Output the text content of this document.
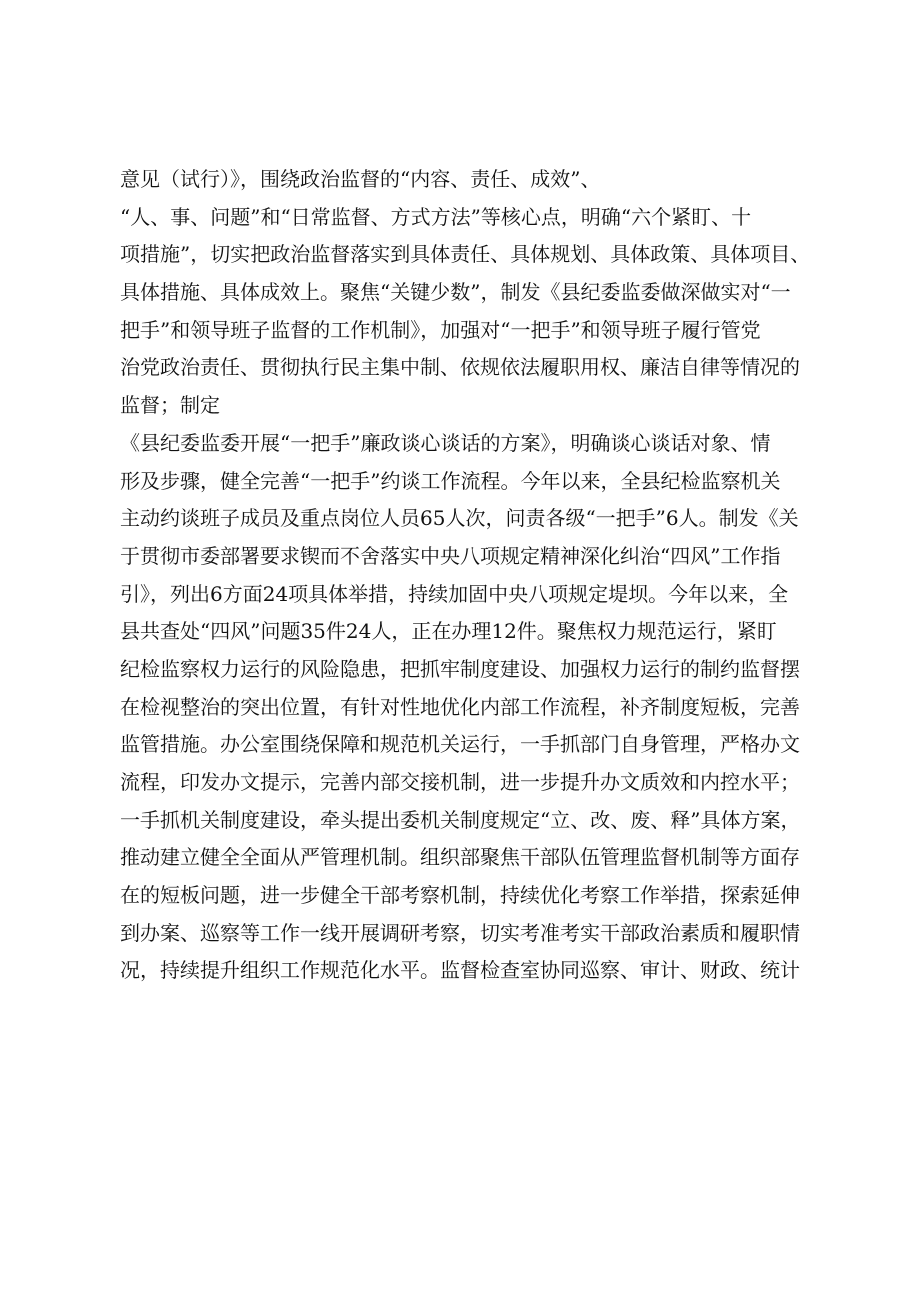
意见（试行）》，围绕政治监督的“内容、责任、成效”、
“人、事、问题”和“日常监督、方式方法”等核心点，明确“六个紧盯、十
项措施”，切实把政治监督落实到具体责任、具体规划、具体政策、具体项目、
具体措施、具体成效上。聚焦“关键少数”，制发《县纪委监委做深做实对“一
把手”和领导班子监督的工作机制》，加强对“一把手”和领导班子履行管党
治党政治责任、贯彻执行民主集中制、依规依法履职用权、廉洁自律等情况的
监督；制定
《县纪委监委开展“一把手”廉政谈心谈话的方案》，明确谈心谈话对象、情
形及步骤，健全完善“一把手”约谈工作流程。今年以来，全县纪检监察机关
主动约谈班子成员及重点岗位人员65人次，问责各级“一把手”6人。制发《关
于贯彻市委部署要求锲而不舍落实中央八项规定精神深化纠治“四风”工作指
引》，列出6方面24项具体举措，持续加固中央八项规定堤坝。今年以来，全
县共查处“四风”问题35件24人，正在办理12件。聚焦权力规范运行，紧盯
纪检监察权力运行的风险隐患，把抓牢制度建设、加强权力运行的制约监督摆
在检视整治的突出位置，有针对性地优化内部工作流程，补齐制度短板，完善
监管措施。办公室围绕保障和规范机关运行，一手抓部门自身管理，严格办文
流程，印发办文提示，完善内部交接机制，进一步提升办文质效和内控水平；
一手抓机关制度建设，牵头提出委机关制度规定“立、改、废、释”具体方案，
推动建立健全全面从严管理机制。组织部聚焦干部队伍管理监督机制等方面存
在的短板问题，进一步健全干部考察机制，持续优化考察工作举措，探索延伸
到办案、巡察等工作一线开展调研考察，切实考准考实干部政治素质和履职情
况，持续提升组织工作规范化水平。监督检查室协同巡察、审计、财政、统计
